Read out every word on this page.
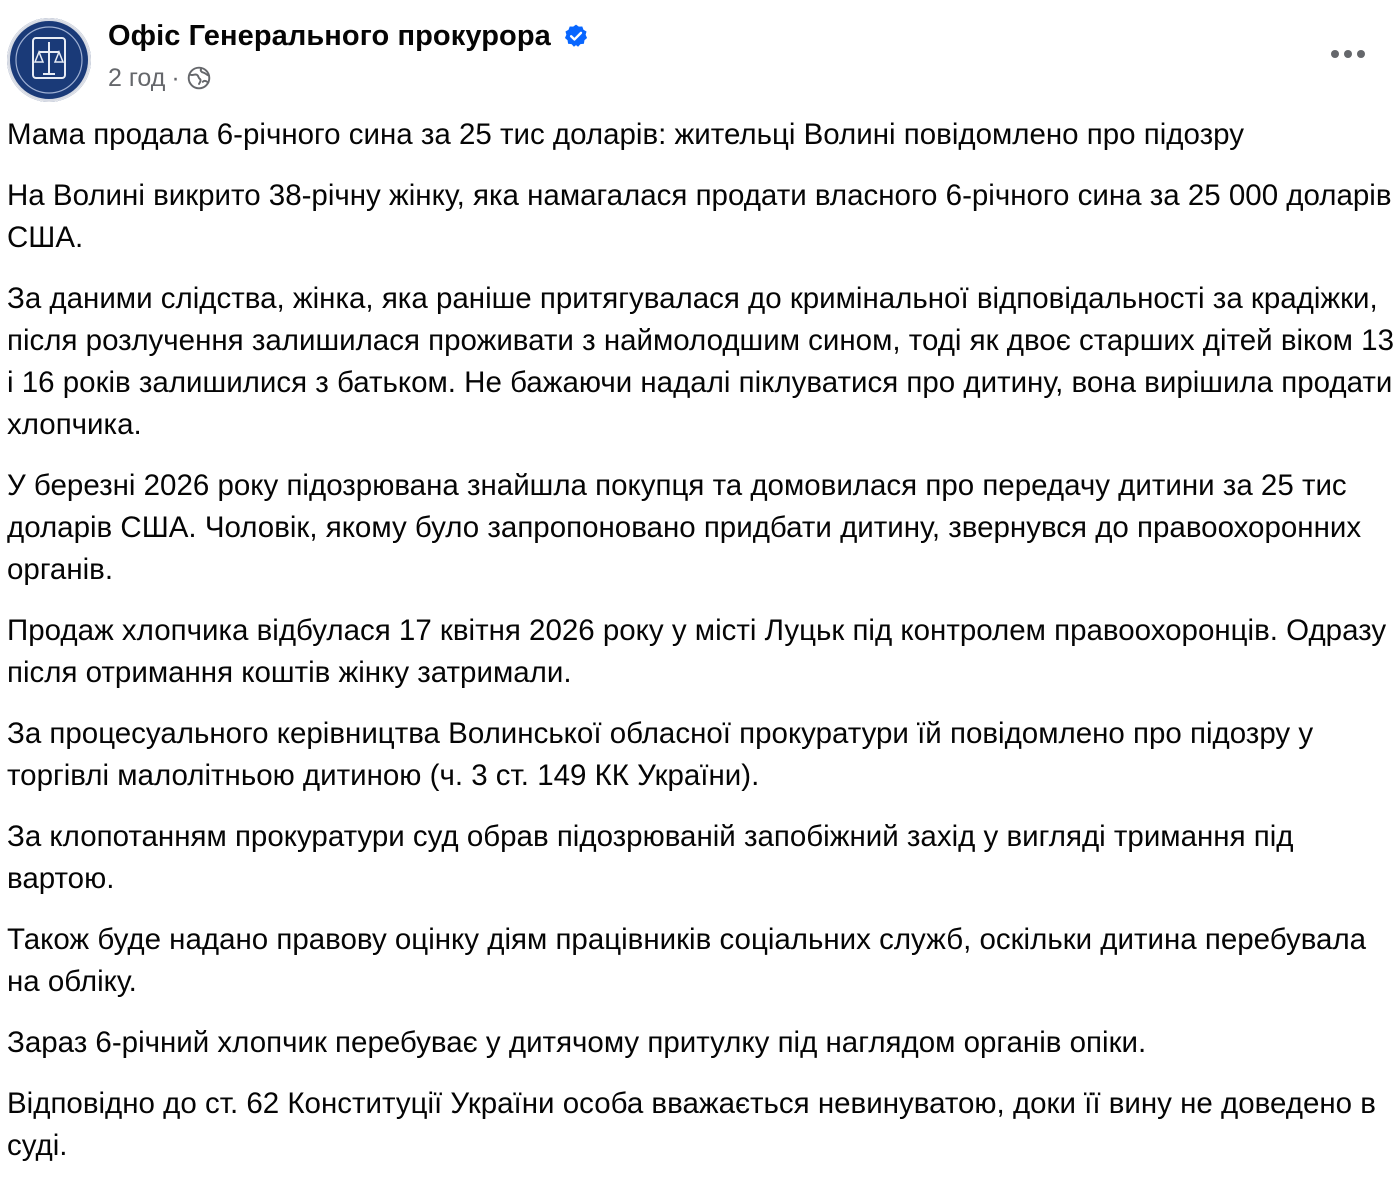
Офіс Генерального прокурора
2 год ·

Мама продала 6-річного сина за 25 тис доларів: жительці Волині повідомлено про підозру

На Волині викрито 38-річну жінку, яка намагалася продати власного 6-річного сина за 25 000 доларів США.

За даними слідства, жінка, яка раніше притягувалася до кримінальної відповідальності за крадіжки, після розлучення залишилася проживати з наймолодшим сином, тоді як двоє старших дітей віком 13 і 16 років залишилися з батьком. Не бажаючи надалі піклуватися про дитину, вона вирішила продати хлопчика.

У березні 2026 року підозрювана знайшла покупця та домовилася про передачу дитини за 25 тис доларів США. Чоловік, якому було запропоновано придбати дитину, звернувся до правоохоронних органів.

Продаж хлопчика відбулася 17 квітня 2026 року у місті Луцьк під контролем правоохоронців. Одразу після отримання коштів жінку затримали.

За процесуального керівництва Волинської обласної прокуратури їй повідомлено про підозру у торгівлі малолітньою дитиною (ч. 3 ст. 149 КК України).

За клопотанням прокуратури суд обрав підозрюваній запобіжний захід у вигляді тримання під вартою.

Також буде надано правову оцінку діям працівників соціальних служб, оскільки дитина перебувала на обліку.

Зараз 6-річний хлопчик перебуває у дитячому притулку під наглядом органів опіки.

Відповідно до ст. 62 Конституції України особа вважається невинуватою, доки її вину не доведено в суді.
